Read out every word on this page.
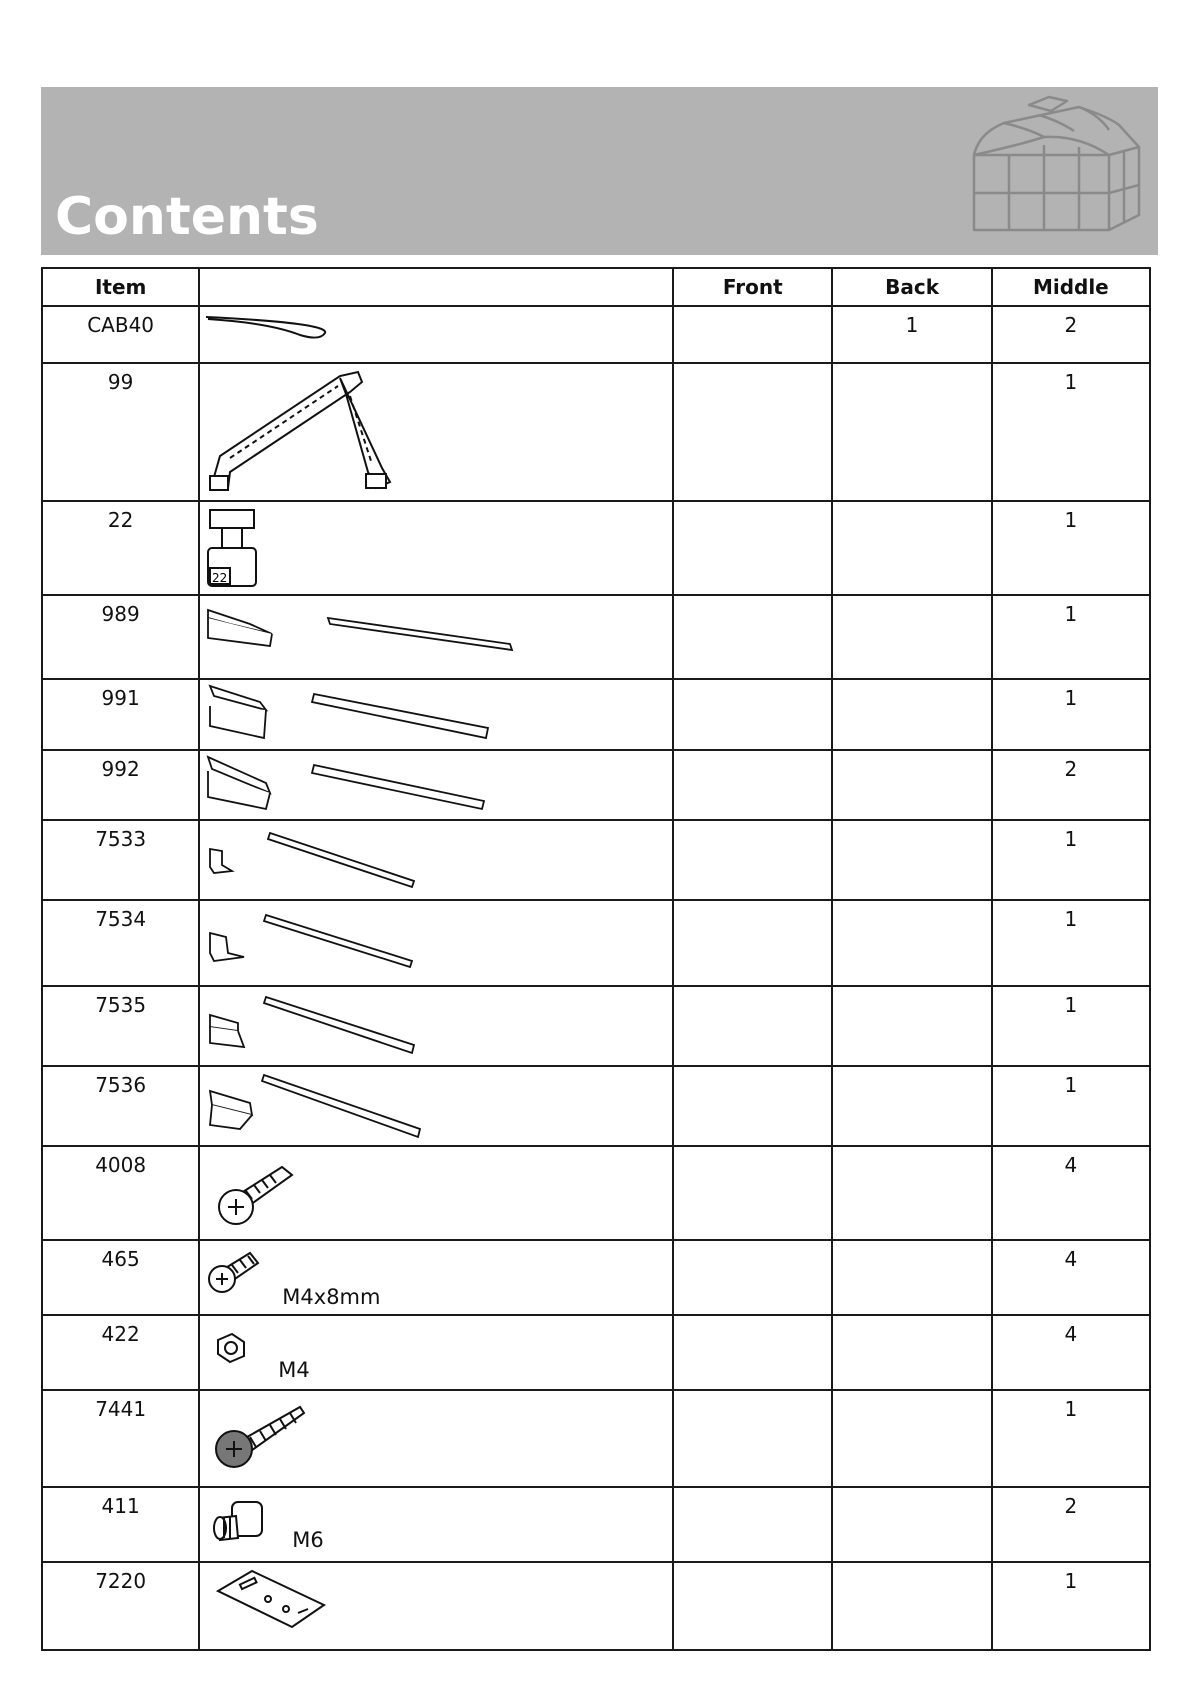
Contents
Item		Front	Back	Middle
CAB40			1	2
99				1
22	22			1
989				1
991				1
992				2
7533				1
7534				1
7535				1
7536				1
4008				4
465	M4x8mm			4
422	M4			4
7441				1
411	M6			2
7220				1
